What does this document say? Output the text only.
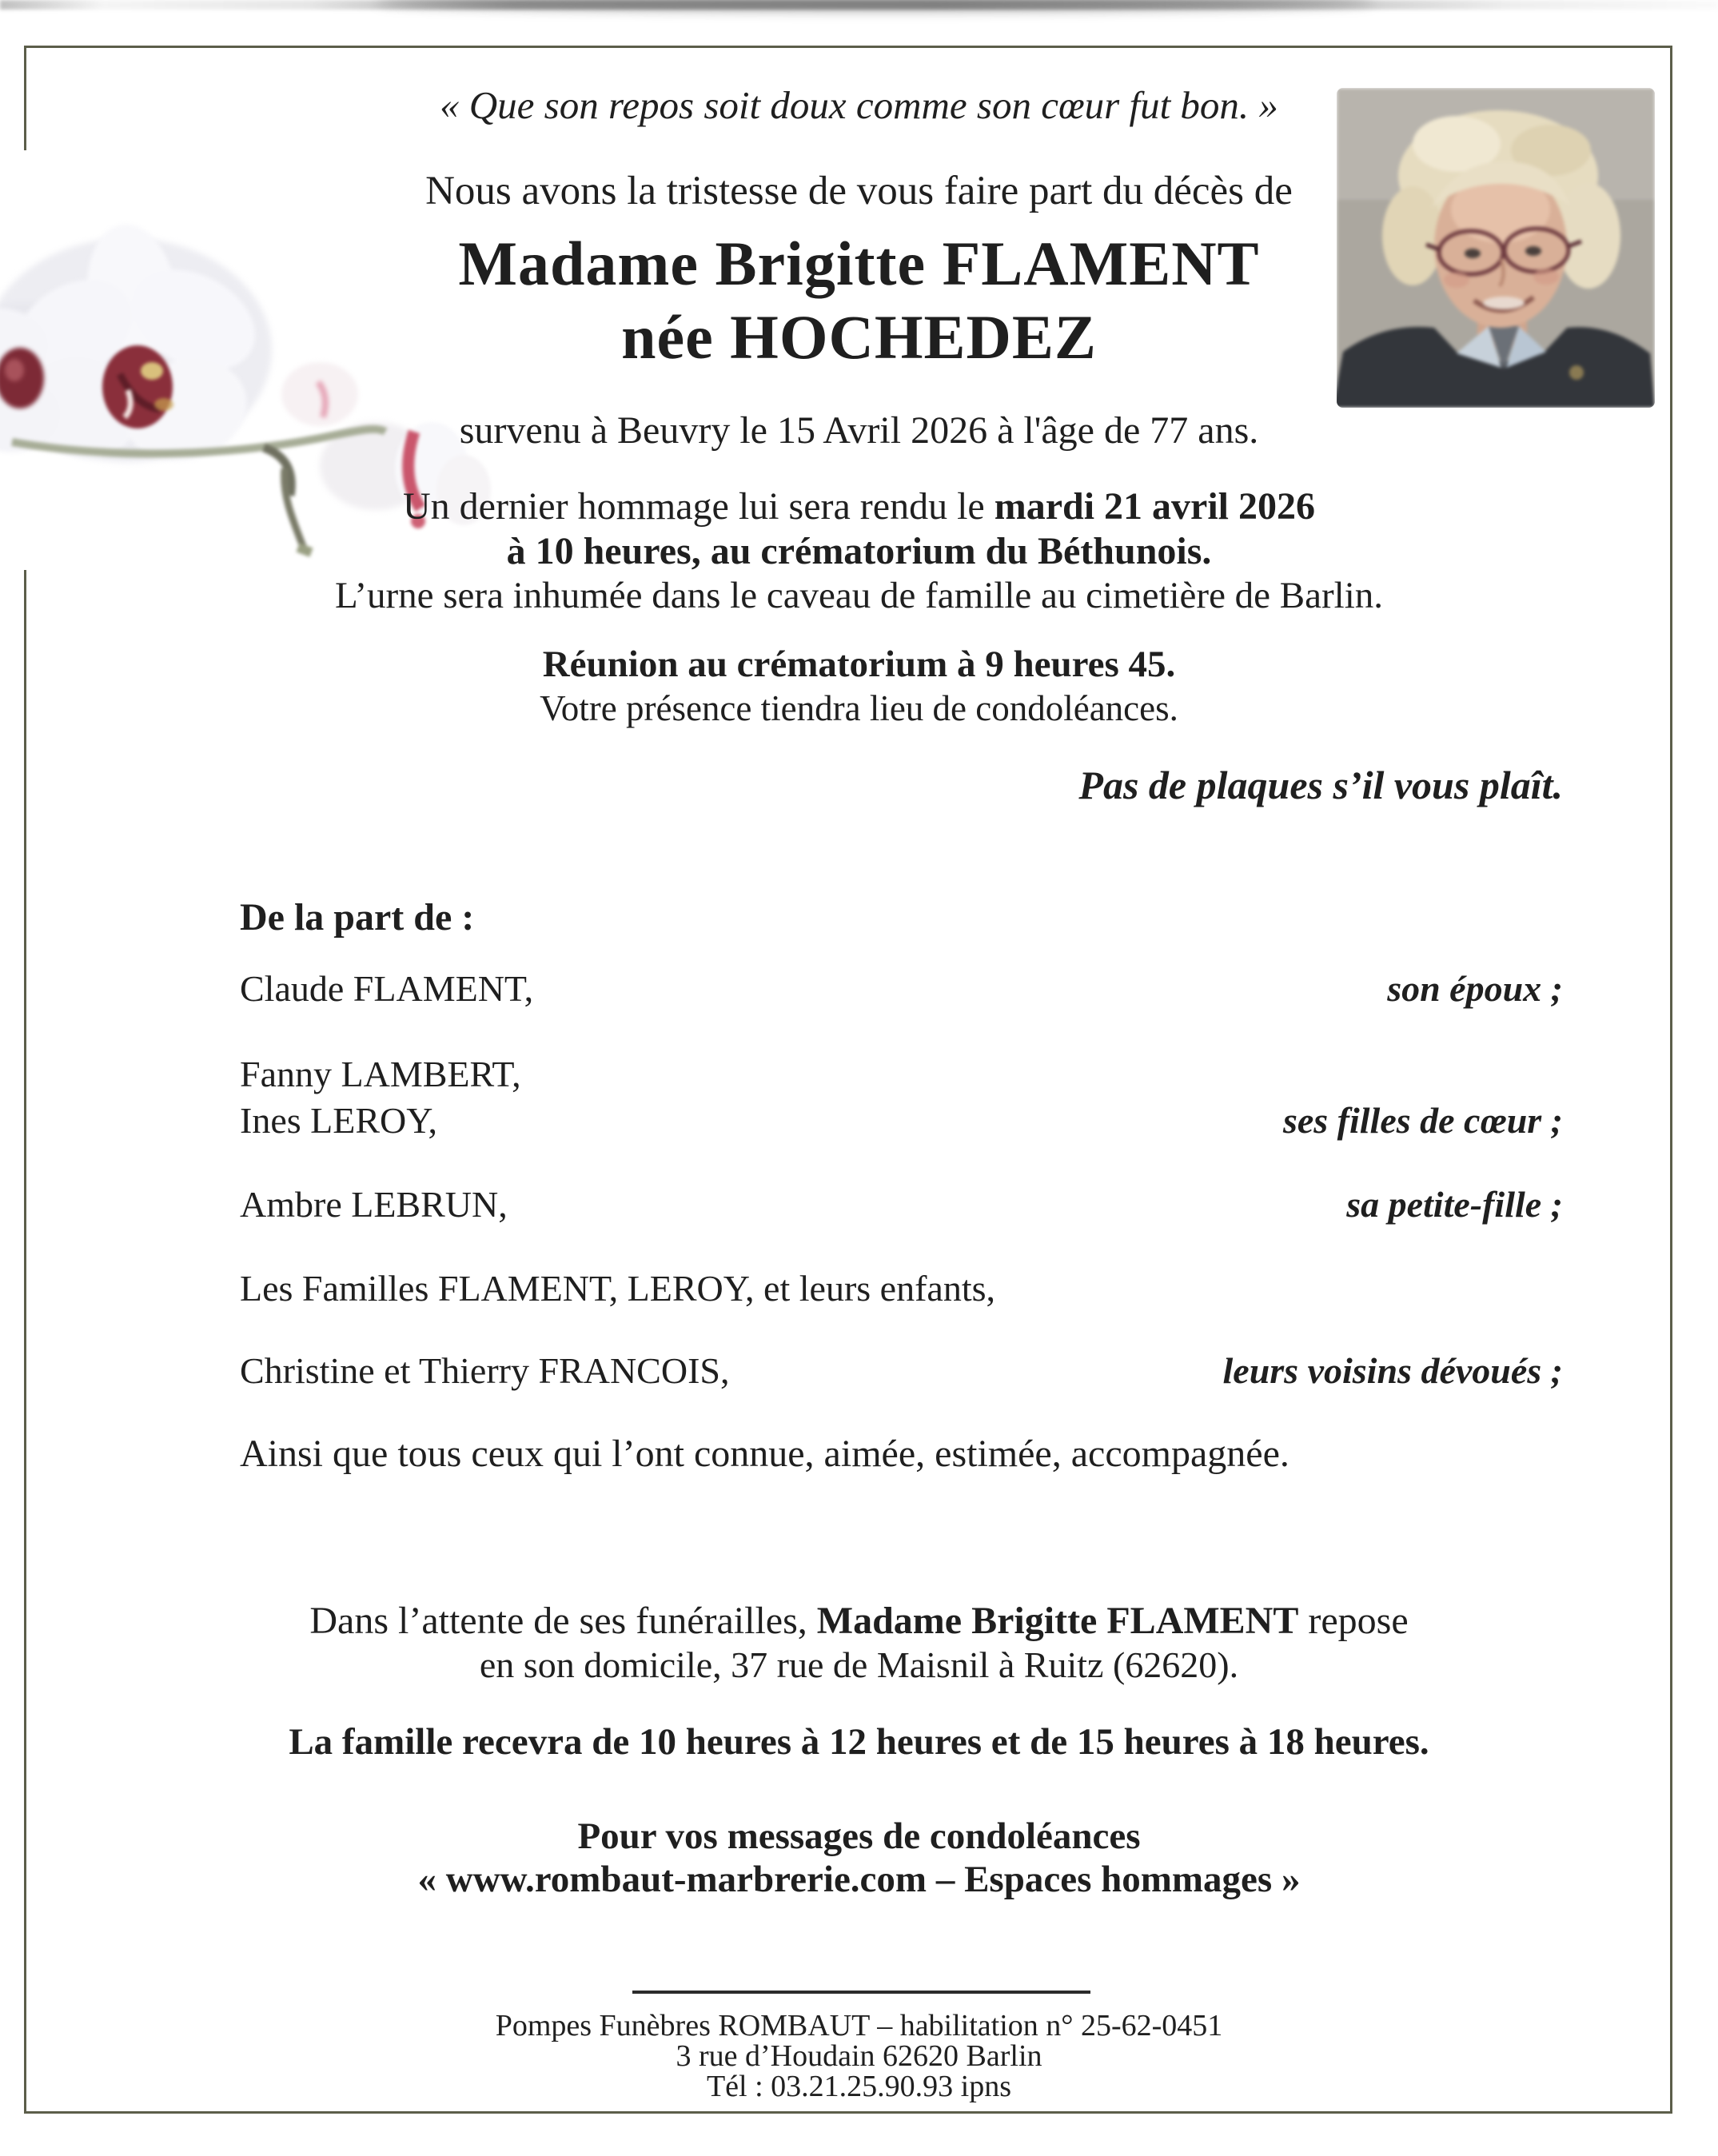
« Que son repos soit doux comme son cœur fut bon. »
Nous avons la tristesse de vous faire part du décès de
Madame Brigitte FLAMENT
née HOCHEDEZ
survenu à Beuvry le 15 Avril 2026 à l'âge de 77 ans.
Un dernier hommage lui sera rendu le mardi 21 avril 2026
à 10 heures, au crématorium du Béthunois.
L’urne sera inhumée dans le caveau de famille au cimetière de Barlin.
Réunion au crématorium à 9 heures 45.
Votre présence tiendra lieu de condoléances.
Pas de plaques s’il vous plaît.
De la part de :
Claude FLAMENT,	son époux ;
Fanny LAMBERT,
Ines LEROY,	ses filles de cœur ;
Ambre LEBRUN,	sa petite-fille ;
Les Familles FLAMENT, LEROY, et leurs enfants,
Christine et Thierry FRANCOIS,	leurs voisins dévoués ;
Ainsi que tous ceux qui l’ont connue, aimée, estimée, accompagnée.
Dans l’attente de ses funérailles, Madame Brigitte FLAMENT repose
en son domicile, 37 rue de Maisnil à Ruitz (62620).
La famille recevra de 10 heures à 12 heures et de 15 heures à 18 heures.
Pour vos messages de condoléances
« www.rombaut-marbrerie.com – Espaces hommages »
Pompes Funèbres ROMBAUT – habilitation n° 25-62-0451
3 rue d’Houdain 62620 Barlin
Tél : 03.21.25.90.93 ipns
